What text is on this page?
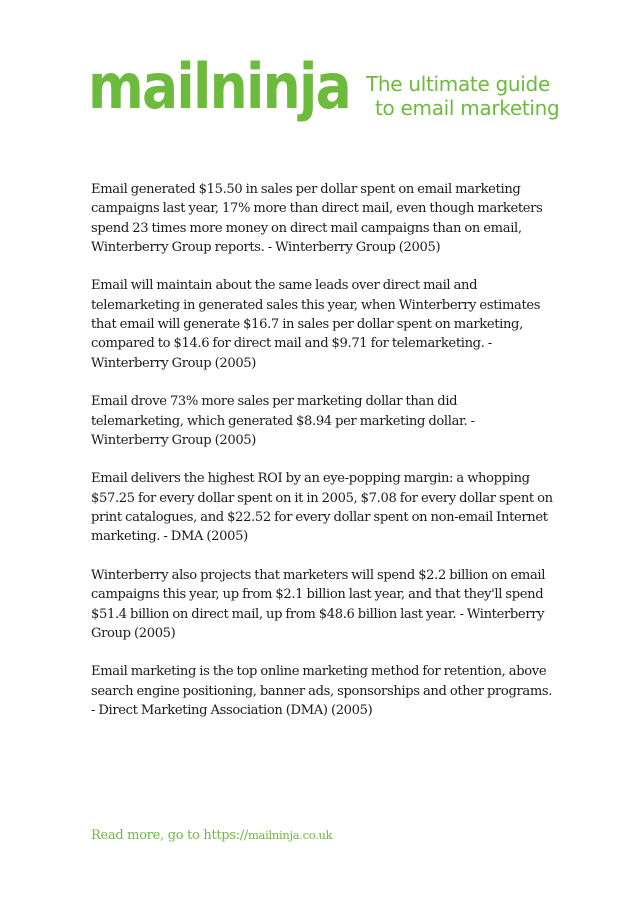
mailninja The ultimate guide
to email marketing

Email generated $15.50 in sales per dollar spent on email marketing campaigns last year, 17% more than direct mail, even though marketers spend 23 times more money on direct mail campaigns than on email, Winterberry Group reports. - Winterberry Group (2005)

Email will maintain about the same leads over direct mail and telemarketing in generated sales this year, when Winterberry estimates that email will generate $16.7 in sales per dollar spent on marketing, compared to $14.6 for direct mail and $9.71 for telemarketing. - Winterberry Group (2005)

Email drove 73% more sales per marketing dollar than did telemarketing, which generated $8.94 per marketing dollar. - Winterberry Group (2005)

Email delivers the highest ROI by an eye-popping margin: a whopping $57.25 for every dollar spent on it in 2005, $7.08 for every dollar spent on print catalogues, and $22.52 for every dollar spent on non-email Internet marketing. - DMA (2005)

Winterberry also projects that marketers will spend $2.2 billion on email campaigns this year, up from $2.1 billion last year, and that they'll spend $51.4 billion on direct mail, up from $48.6 billion last year. - Winterberry Group (2005)

Email marketing is the top online marketing method for retention, above search engine positioning, banner ads, sponsorships and other programs. - Direct Marketing Association (DMA) (2005)

Read more, go to https://mailninja.co.uk
